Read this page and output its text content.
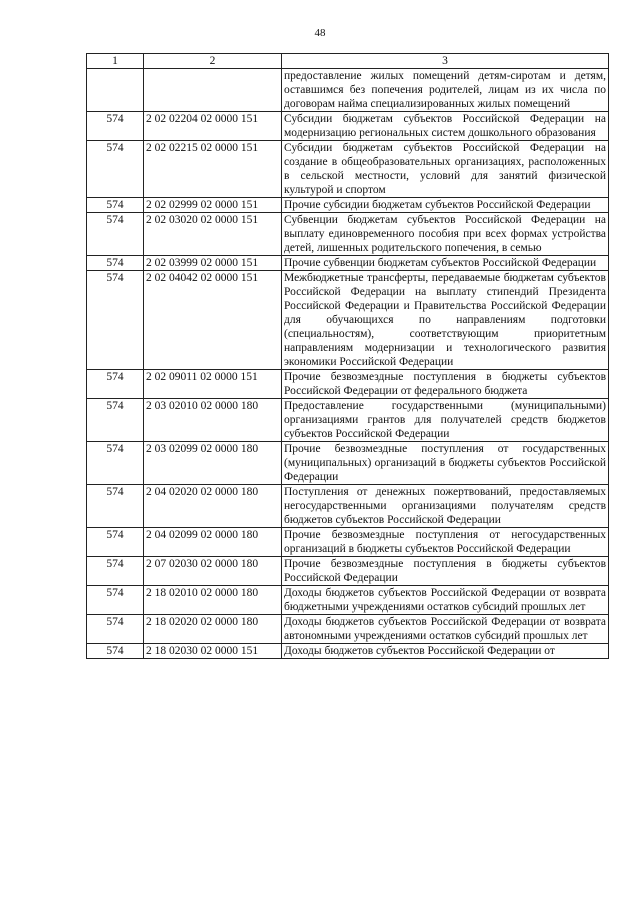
48
1	2	3
		предоставление жилых помещений детям-сиротам и детям, оставшимся без попечения родителей, лицам из их числа по договорам найма специализированных жилых помещений
574	2 02 02204 02 0000 151	Субсидии бюджетам субъектов Российской Федерации на модернизацию региональных систем дошкольного образования
574	2 02 02215 02 0000 151	Субсидии бюджетам субъектов Российской Федерации на создание в общеобразовательных организациях, расположенных в сельской местности, условий для занятий физической культурой и спортом
574	2 02 02999 02 0000 151	Прочие субсидии бюджетам субъектов Российской Федерации
574	2 02 03020 02 0000 151	Субвенции бюджетам субъектов Российской Федерации на выплату единовременного пособия при всех формах устройства детей, лишенных родительского попечения, в семью
574	2 02 03999 02 0000 151	Прочие субвенции бюджетам субъектов Российской Федерации
574	2 02 04042 02 0000 151	Межбюджетные трансферты, передаваемые бюджетам субъектов Российской Федерации на выплату стипендий Президента Российской Федерации и Правительства Российской Федерации для обучающихся по направлениям подготовки (специальностям), соответствующим приоритетным направлениям модернизации и технологического развития экономики Российской Федерации
574	2 02 09011 02 0000 151	Прочие безвозмездные поступления в бюджеты субъектов Российской Федерации от федерального бюджета
574	2 03 02010 02 0000 180	Предоставление государственными (муниципальными) организациями грантов для получателей средств бюджетов субъектов Российской Федерации
574	2 03 02099 02 0000 180	Прочие безвозмездные поступления от государственных (муниципальных) организаций в бюджеты субъектов Российской Федерации
574	2 04 02020 02 0000 180	Поступления от денежных пожертвований, предоставляемых негосударственными организациями получателям средств бюджетов субъектов Российской Федерации
574	2 04 02099 02 0000 180	Прочие безвозмездные поступления от негосударственных организаций в бюджеты субъектов Российской Федерации
574	2 07 02030 02 0000 180	Прочие безвозмездные поступления в бюджеты субъектов Российской Федерации
574	2 18 02010 02 0000 180	Доходы бюджетов субъектов Российской Федерации от возврата бюджетными учреждениями остатков субсидий прошлых лет
574	2 18 02020 02 0000 180	Доходы бюджетов субъектов Российской Федерации от возврата автономными учреждениями остатков субсидий прошлых лет
574	2 18 02030 02 0000 151	Доходы бюджетов субъектов Российской Федерации от
